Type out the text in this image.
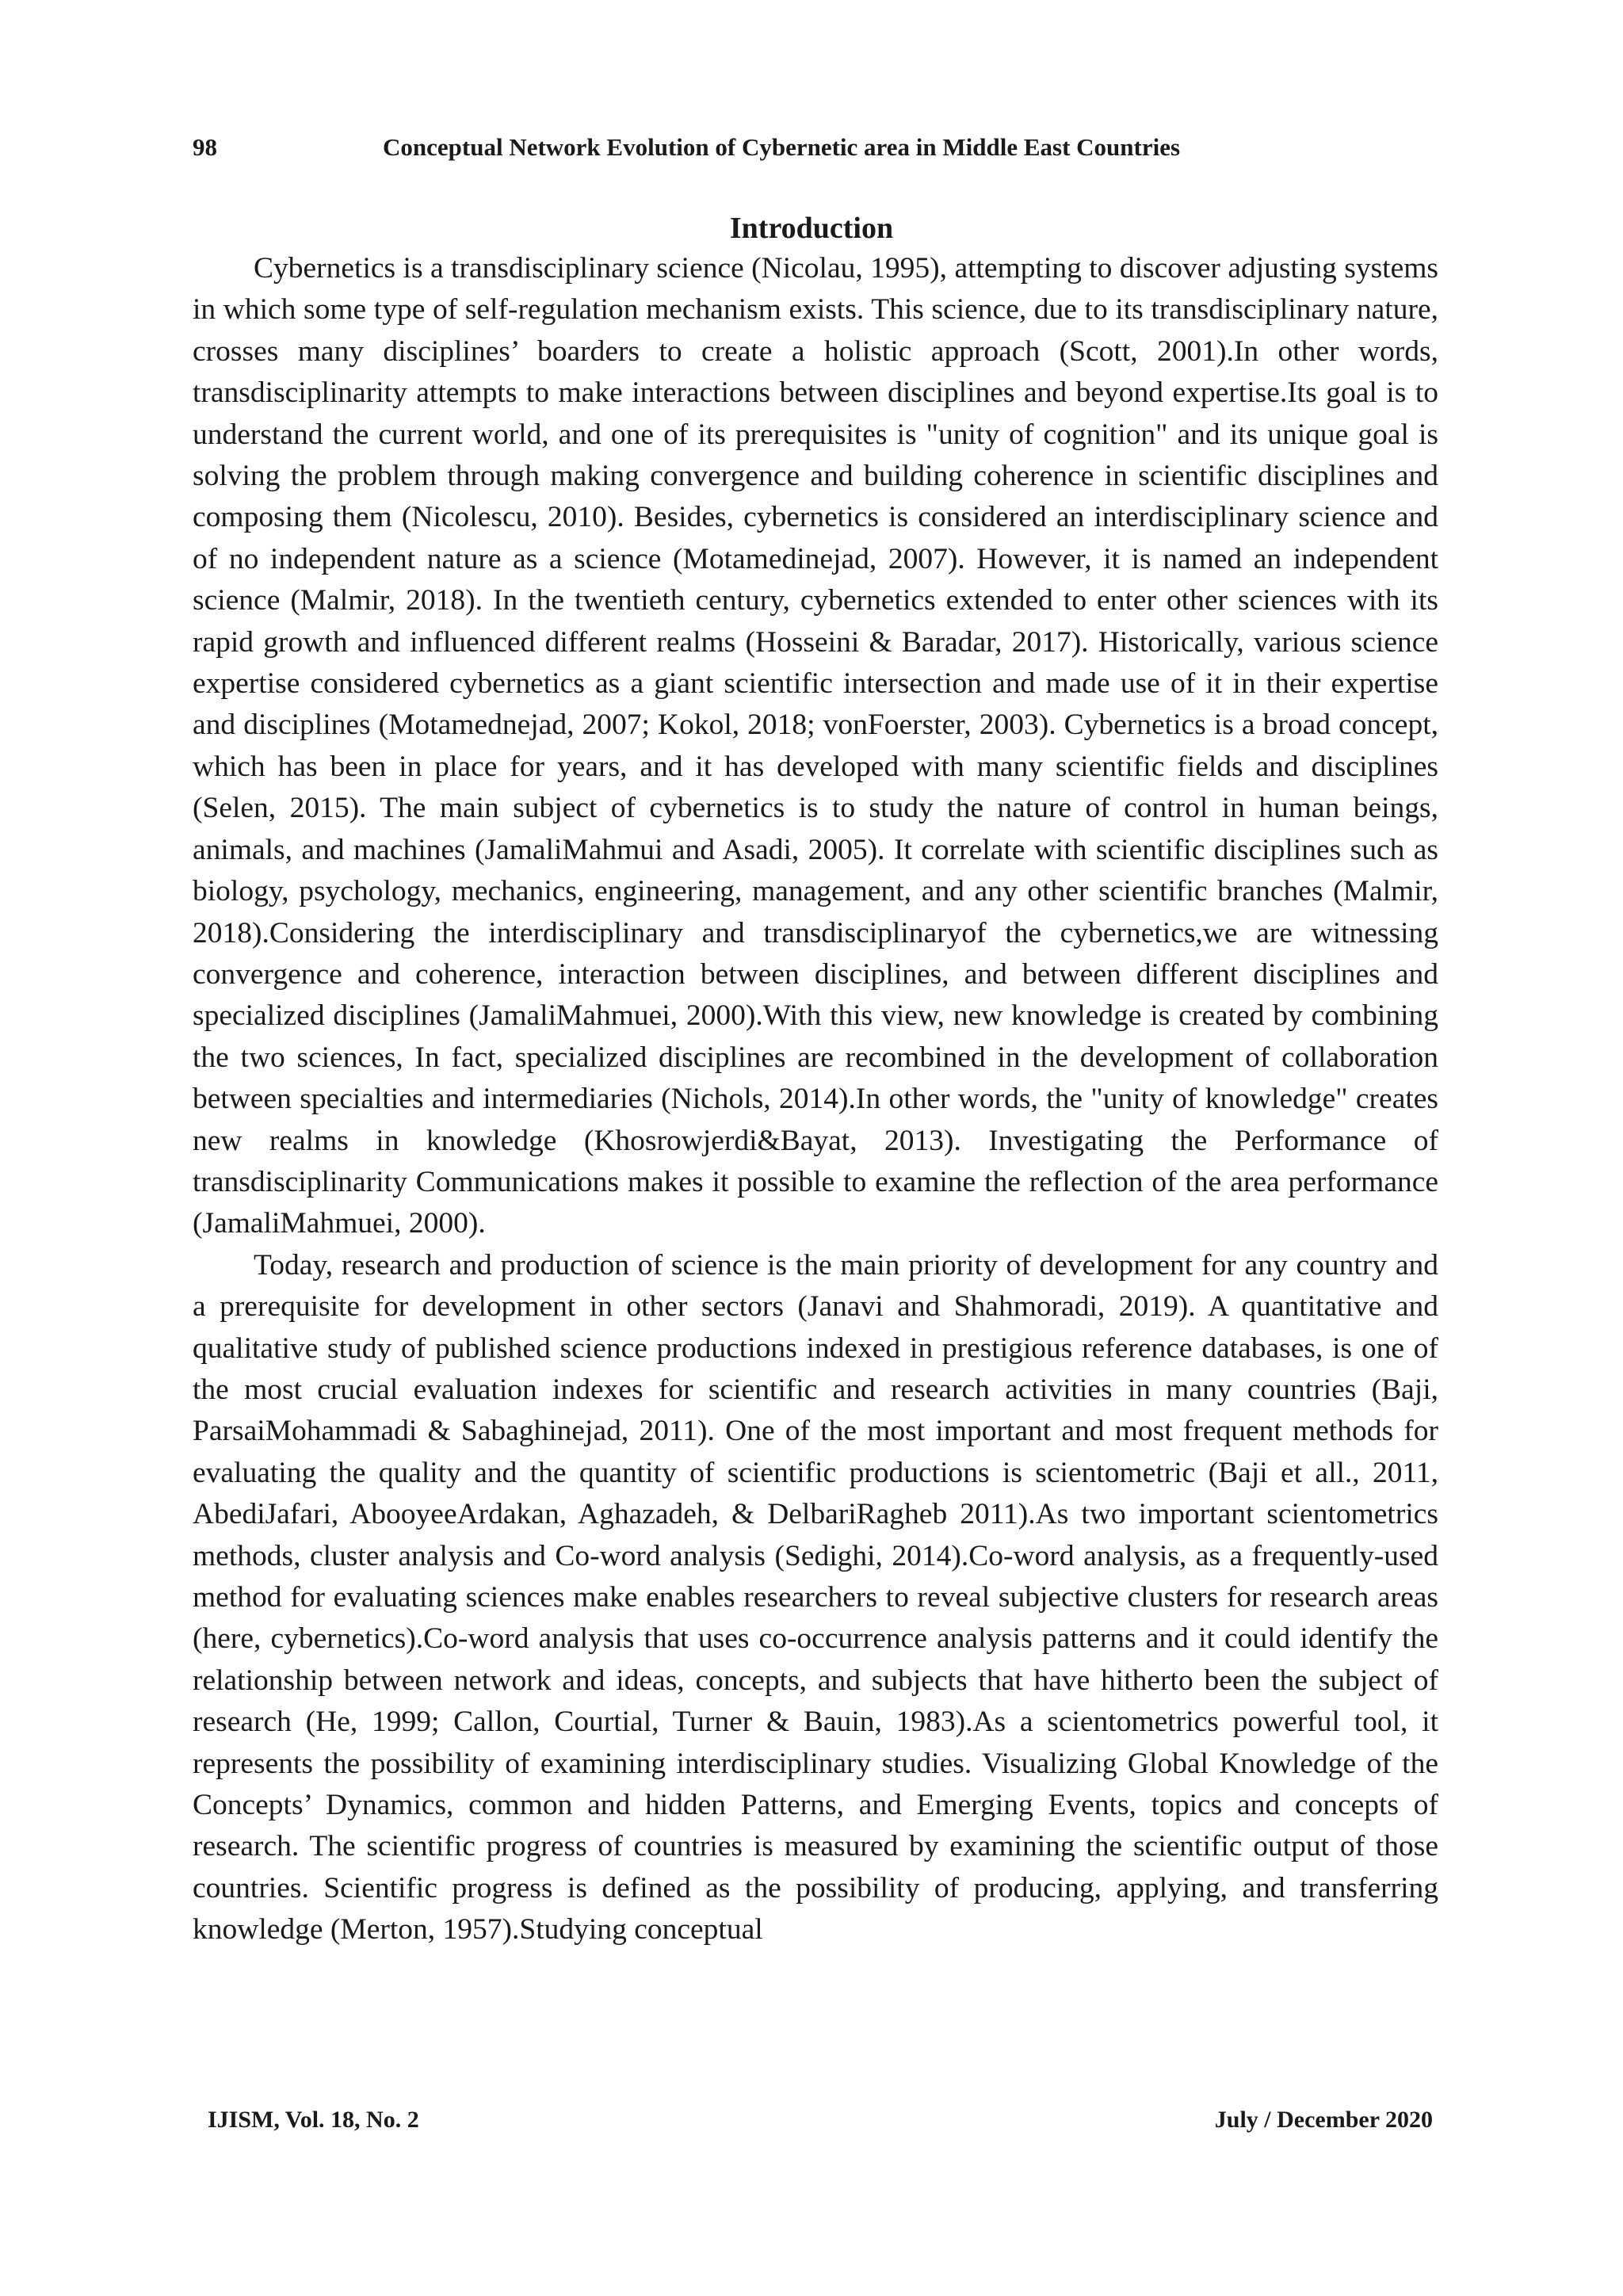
98	Conceptual Network Evolution of Cybernetic area in Middle East Countries
Introduction

Cybernetics is a transdisciplinary science (Nicolau, 1995), attempting to discover adjusting systems in which some type of self-regulation mechanism exists. This science, due to its transdisciplinary nature, crosses many disciplines’ boarders to create a holistic approach (Scott, 2001).In other words, transdisciplinarity attempts to make interactions between disciplines and beyond expertise.Its goal is to understand the current world, and one of its prerequisites is "unity of cognition" and its unique goal is solving the problem through making convergence and building coherence in scientific disciplines and composing them (Nicolescu, 2010). Besides, cybernetics is considered an interdisciplinary science and of no independent nature as a science (Motamedinejad, 2007). However, it is named an independent science (Malmir, 2018). In the twentieth century, cybernetics extended to enter other sciences with its rapid growth and influenced different realms (Hosseini & Baradar, 2017). Historically, various science expertise considered cybernetics as a giant scientific intersection and made use of it in their expertise and disciplines (Motamednejad, 2007; Kokol, 2018; vonFoerster, 2003). Cybernetics is a broad concept, which has been in place for years, and it has developed with many scientific fields and disciplines (Selen, 2015). The main subject of cybernetics is to study the nature of control in human beings, animals, and machines (JamaliMahmui and Asadi, 2005). It correlate with scientific disciplines such as biology, psychology, mechanics, engineering, management, and any other scientific branches (Malmir, 2018).Considering the interdisciplinary and transdisciplinaryof the cybernetics,we are witnessing convergence and coherence, interaction between disciplines, and between different disciplines and specialized disciplines (JamaliMahmuei, 2000).With this view, new knowledge is created by combining the two sciences, In fact, specialized disciplines are recombined in the development of collaboration between specialties and intermediaries (Nichols, 2014).In other words, the "unity of knowledge" creates new realms in knowledge (Khosrowjerdi&Bayat, 2013). Investigating the Performance of transdisciplinarity Communications makes it possible to examine the reflection of the area performance (JamaliMahmuei, 2000).

Today, research and production of science is the main priority of development for any country and a prerequisite for development in other sectors (Janavi and Shahmoradi, 2019). A quantitative and qualitative study of published science productions indexed in prestigious reference databases, is one of the most crucial evaluation indexes for scientific and research activities in many countries (Baji, ParsaiMohammadi & Sabaghinejad, 2011). One of the most important and most frequent methods for evaluating the quality and the quantity of scientific productions is scientometric (Baji et all., 2011, AbediJafari, AbooyeeArdakan, Aghazadeh, & DelbariRagheb 2011).As two important scientometrics methods, cluster analysis and Co-word analysis (Sedighi, 2014).Co-word analysis, as a frequently-used method for evaluating sciences make enables researchers to reveal subjective clusters for research areas (here, cybernetics).Co-word analysis that uses co-occurrence analysis patterns and it could identify the relationship between network and ideas, concepts, and subjects that have hitherto been the subject of research (He, 1999; Callon, Courtial, Turner & Bauin, 1983).As a scientometrics powerful tool, it represents the possibility of examining interdisciplinary studies. Visualizing Global Knowledge of the Concepts’ Dynamics, common and hidden Patterns, and Emerging Events, topics and concepts of research. The scientific progress of countries is measured by examining the scientific output of those countries. Scientific progress is defined as the possibility of producing, applying, and transferring knowledge (Merton, 1957).Studying conceptual

IJISM, Vol. 18, No. 2	July / December 2020
